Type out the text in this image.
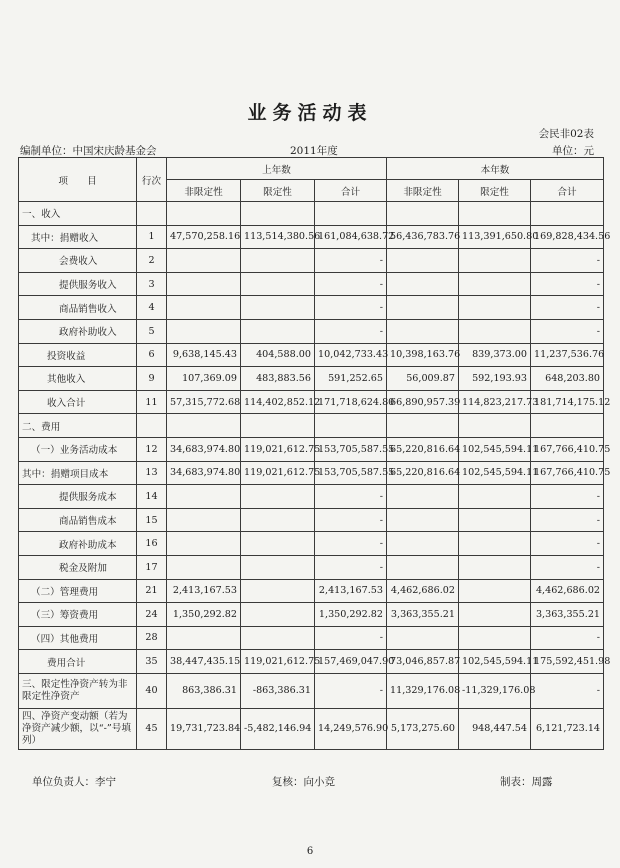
业务活动表
会民非02表
编制单位：中国宋庆龄基金会	2011年度	单位：元
项　　目	行次	上年数			本年数		
		非限定性	限定性	合计	非限定性	限定性	合计
一、收入							
其中：捐赠收入	1	47,570,258.16	113,514,380.56	161,084,638.72	56,436,783.76	113,391,650.80	169,828,434.56
会费收入	2			-			-
提供服务收入	3			-			-
商品销售收入	4			-			-
政府补助收入	5			-			-
投资收益	6	9,638,145.43	404,588.00	10,042,733.43	10,398,163.76	839,373.00	11,237,536.76
其他收入	9	107,369.09	483,883.56	591,252.65	56,009.87	592,193.93	648,203.80
收入合计	11	57,315,772.68	114,402,852.12	171,718,624.80	66,890,957.39	114,823,217.73	181,714,175.12
二、费用							
（一）业务活动成本	12	34,683,974.80	119,021,612.75	153,705,587.55	65,220,816.64	102,545,594.11	167,766,410.75
其中：捐赠项目成本	13	34,683,974.80	119,021,612.75	153,705,587.55	65,220,816.64	102,545,594.11	167,766,410.75
提供服务成本	14			-			-
商品销售成本	15			-			-
政府补助成本	16			-			-
税金及附加	17			-			-
（二）管理费用	21	2,413,167.53		2,413,167.53	4,462,686.02		4,462,686.02
（三）筹资费用	24	1,350,292.82		1,350,292.82	3,363,355.21		3,363,355.21
（四）其他费用	28			-			-
费用合计	35	38,447,435.15	119,021,612.75	157,469,047.90	73,046,857.87	102,545,594.11	175,592,451.98
三、限定性净资产转为非限定性净资产	40	863,386.31	-863,386.31	-	11,329,176.08	-11,329,176.08	-
四、净资产变动额（若为净资产减少额，以“-”号填列）	45	19,731,723.84	-5,482,146.94	14,249,576.90	5,173,275.60	948,447.54	6,121,723.14
单位负责人：李宁	复核：向小竞	制表：周露
6
